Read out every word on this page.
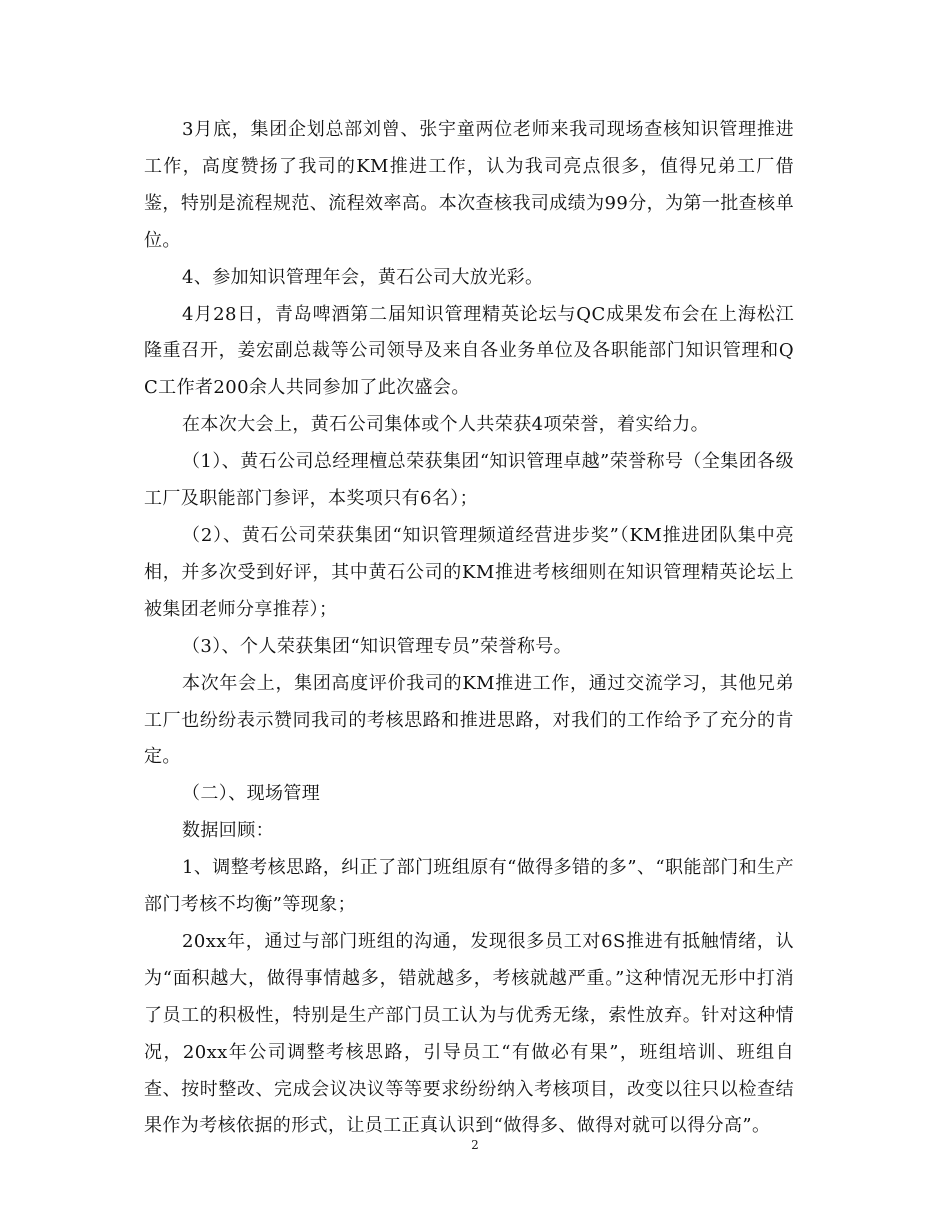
3月底，集团企划总部刘曾、张宇童两位老师来我司现场查核知识管理推进工作，高度赞扬了我司的KM推进工作，认为我司亮点很多，值得兄弟工厂借鉴，特别是流程规范、流程效率高。本次查核我司成绩为99分，为第一批查核单位。

4、参加知识管理年会，黄石公司大放光彩。

4月28日，青岛啤酒第二届知识管理精英论坛与QC成果发布会在上海松江隆重召开，姜宏副总裁等公司领导及来自各业务单位及各职能部门知识管理和QC工作者200余人共同参加了此次盛会。

在本次大会上，黄石公司集体或个人共荣获4项荣誉，着实给力。

（1）、黄石公司总经理檀总荣获集团“知识管理卓越”荣誉称号（全集团各级工厂及职能部门参评，本奖项只有6名）；

（2）、黄石公司荣获集团“知识管理频道经营进步奖”（KM推进团队集中亮相，并多次受到好评，其中黄石公司的KM推进考核细则在知识管理精英论坛上被集团老师分享推荐）；

（3）、个人荣获集团“知识管理专员”荣誉称号。

本次年会上，集团高度评价我司的KM推进工作，通过交流学习，其他兄弟工厂也纷纷表示赞同我司的考核思路和推进思路，对我们的工作给予了充分的肯定。

（二）、现场管理

数据回顾：

1、调整考核思路，纠正了部门班组原有“做得多错的多”、“职能部门和生产部门考核不均衡”等现象；

20xx年，通过与部门班组的沟通，发现很多员工对6S推进有抵触情绪，认为“面积越大，做得事情越多，错就越多，考核就越严重。”这种情况无形中打消了员工的积极性，特别是生产部门员工认为与优秀无缘，索性放弃。针对这种情况，20xx年公司调整考核思路，引导员工“有做必有果”，班组培训、班组自查、按时整改、完成会议决议等等要求纷纷纳入考核项目，改变以往只以检查结果作为考核依据的形式，让员工正真认识到“做得多、做得对就可以得分高”。

2
